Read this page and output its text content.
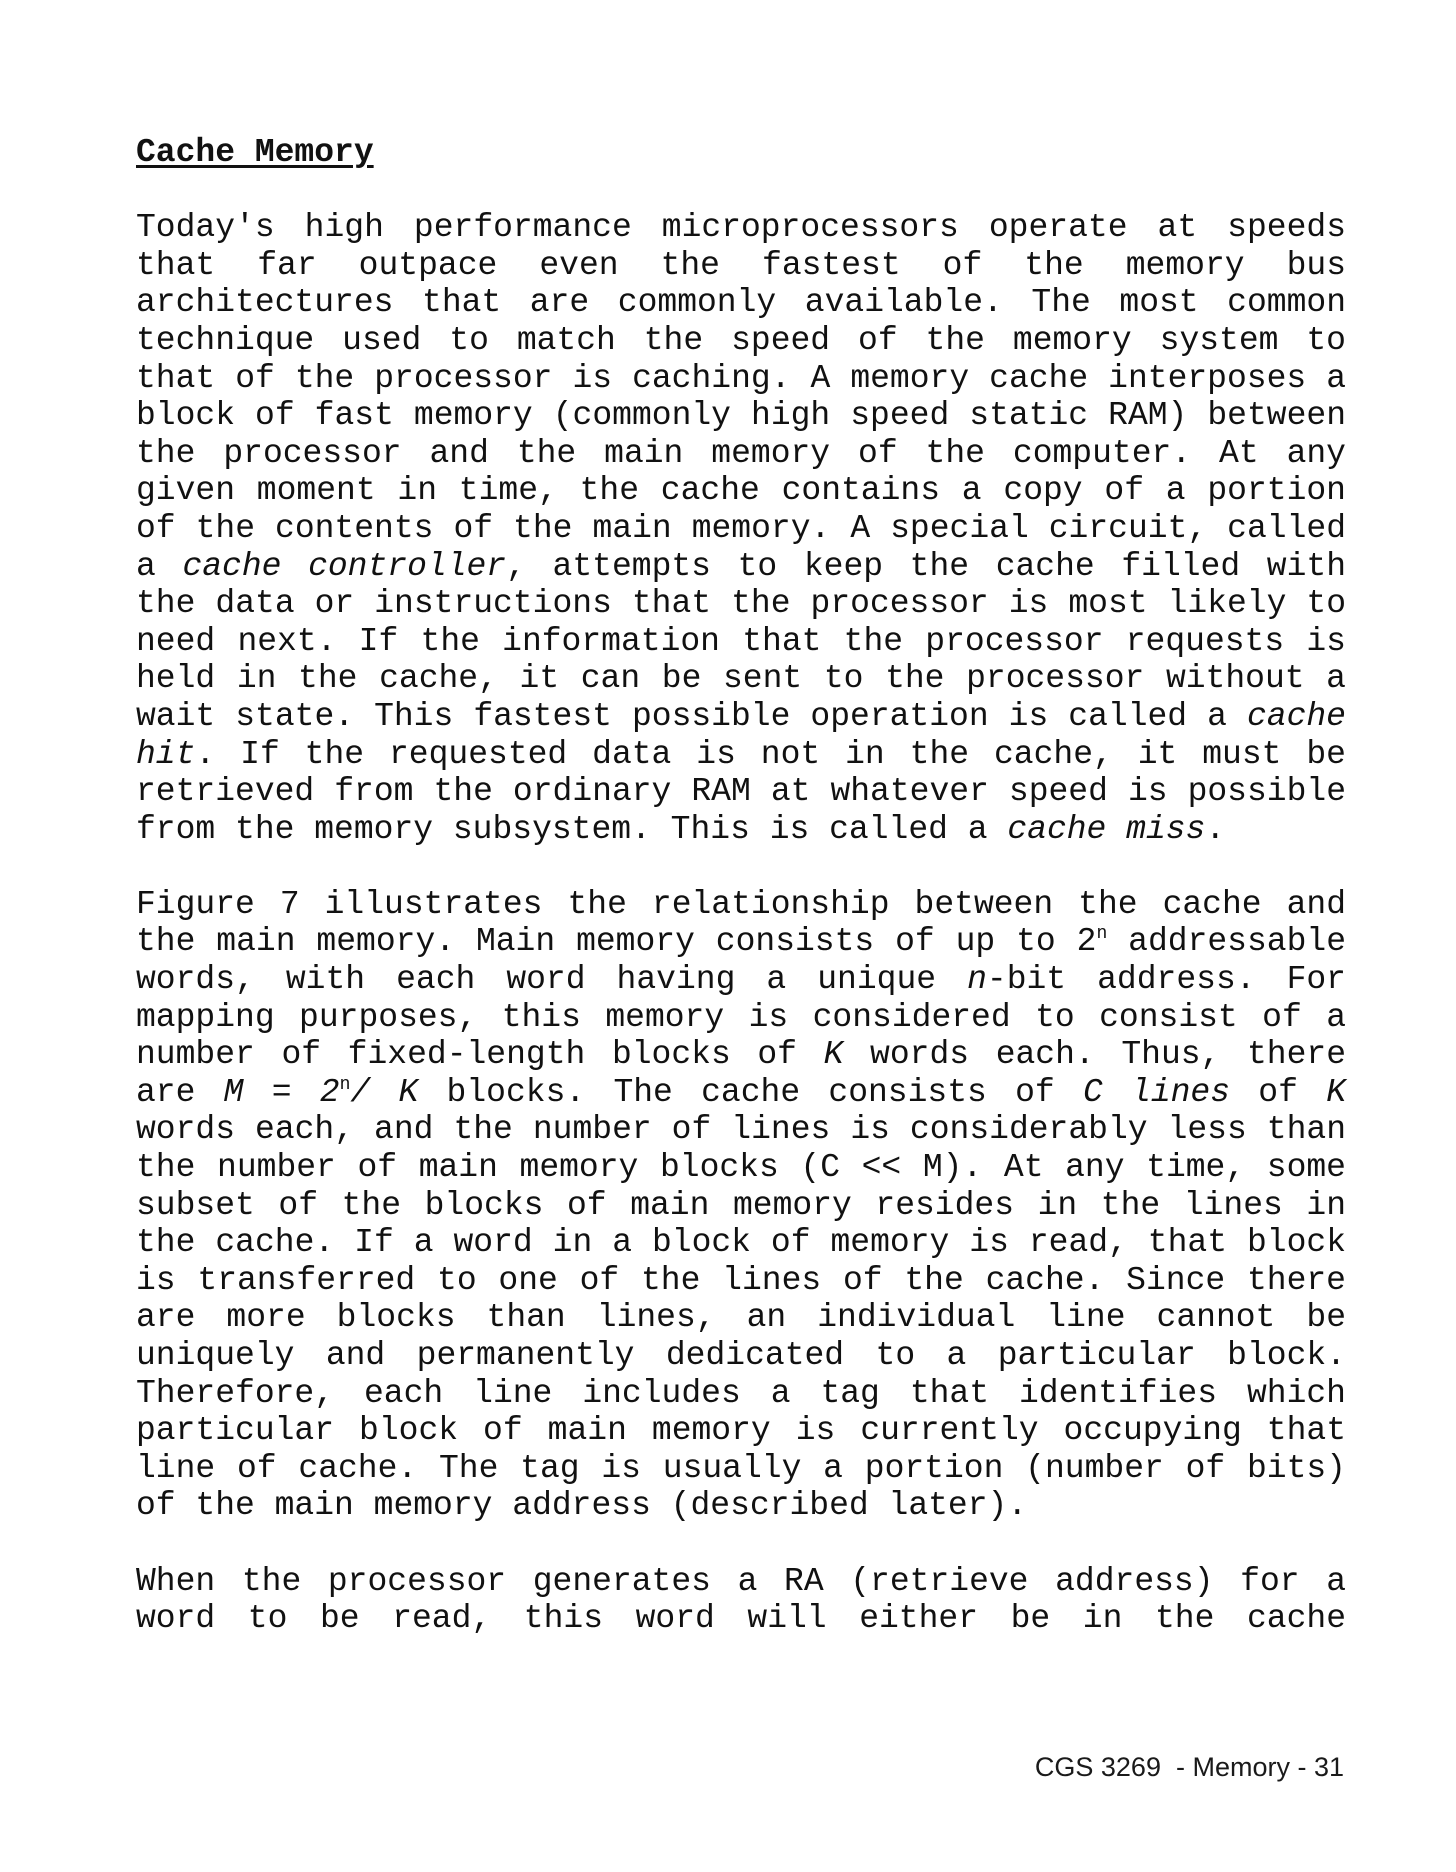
Cache Memory

Today's high performance microprocessors operate at speeds that far outpace even the fastest of the memory bus architectures that are commonly available. The most common technique used to match the speed of the memory system to that of the processor is caching. A memory cache interposes a block of fast memory (commonly high speed static RAM) between the processor and the main memory of the computer. At any given moment in time, the cache contains a copy of a portion of the contents of the main memory. A special circuit, called a cache controller, attempts to keep the cache filled with the data or instructions that the processor is most likely to need next. If the information that the processor requests is held in the cache, it can be sent to the processor without a wait state. This fastest possible operation is called a cache hit. If the requested data is not in the cache, it must be retrieved from the ordinary RAM at whatever speed is possible from the memory subsystem. This is called a cache miss.

Figure 7 illustrates the relationship between the cache and the main memory. Main memory consists of up to 2$^n$ addressable words, with each word having a unique n-bit address. For mapping purposes, this memory is considered to consist of a number of fixed-length blocks of K words each. Thus, there are $M = 2^n/$ K blocks. The cache consists of C lines of K words each, and the number of lines is considerably less than the number of main memory blocks (C << M). At any time, some subset of the blocks of main memory resides in the lines in the cache. If a word in a block of memory is read, that block is transferred to one of the lines of the cache. Since there are more blocks than lines, an individual line cannot be uniquely and permanently dedicated to a particular block. Therefore, each line includes a tag that identifies which particular block of main memory is currently occupying that line of cache. The tag is usually a portion (number of bits) of the main memory address (described later).

When the processor generates a RA (retrieve address) for a word to be read, this word will either be in the cache

CGS 3269  - Memory - 31
